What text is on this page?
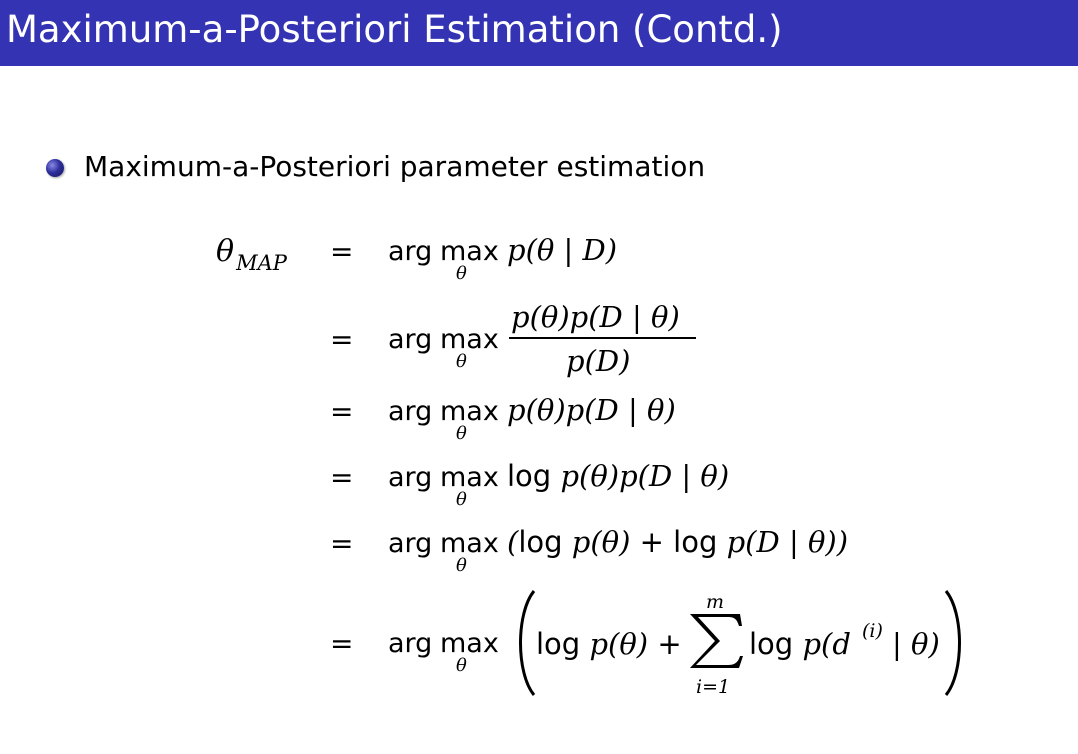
Maximum-a-Posteriori Estimation (Contd.)
Maximum-a-Posteriori parameter estimation
$\theta_{MAP}$ = arg max
θ
p(θ | D)
= arg max
θ
p(θ)p(D | θ)
p(D)
= arg max
θ
p(θ)p(D | θ)
= arg max
θ
log p(θ)p(D | θ)
= arg max
θ
(log p(θ) + log p(D | θ))
= arg max
θ
log p(θ) +
m
i=1
log p(d (i) | θ)
